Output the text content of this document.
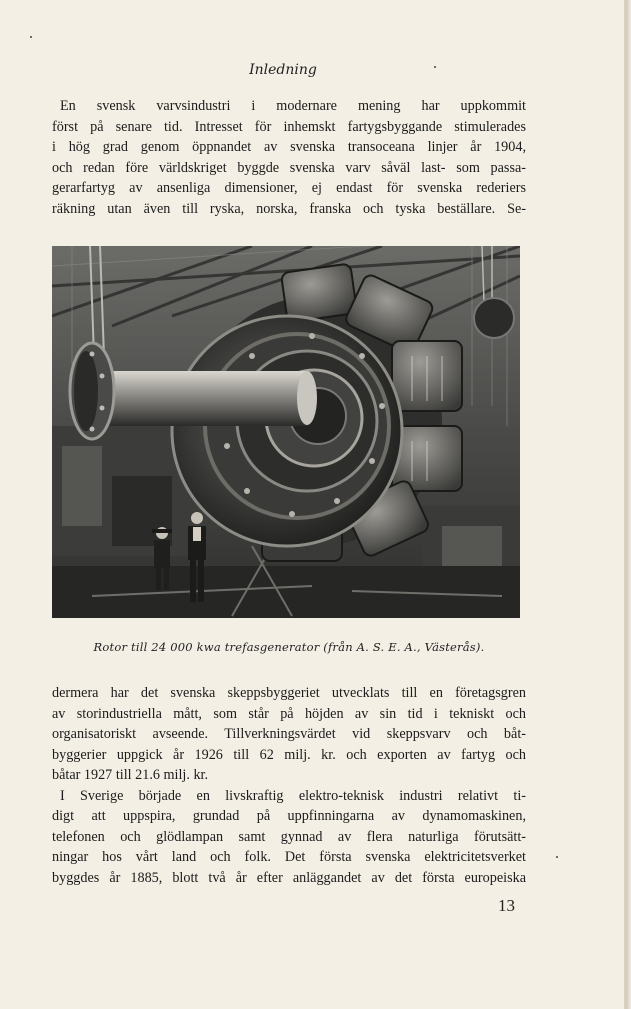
Inledning
En svensk varvsindustri i modernare mening har uppkommit
först på senare tid. Intresset för inhemskt fartygsbyggande stimulerades
i hög grad genom öppnandet av svenska transoceana linjer år 1904,
och redan före världskriget byggde svenska varv såväl last- som passa-
gerarfartyg av ansenliga dimensioner, ej endast för svenska rederiers
räkning utan även till ryska, norska, franska och tyska beställare. Se-
Rotor till 24 000 kwa trefasgenerator (från A. S. E. A., Västerås).
dermera har det svenska skeppsbyggeriet utvecklats till en företagsgren
av storindustriella mått, som står på höjden av sin tid i tekniskt och
organisatoriskt avseende. Tillverkningsvärdet vid skeppsvarv och båt-
byggerier uppgick år 1926 till 62 milj. kr. och exporten av fartyg och
båtar 1927 till 21.6 milj. kr.
I Sverige började en livskraftig elektro-teknisk industri relativt ti-
digt att uppspira, grundad på uppfinningarna av dynamomaskinen,
telefonen och glödlampan samt gynnad av flera naturliga förutsätt-
ningar hos vårt land och folk. Det första svenska elektricitetsverket
byggdes år 1885, blott två år efter anläggandet av det första europeiska
13
